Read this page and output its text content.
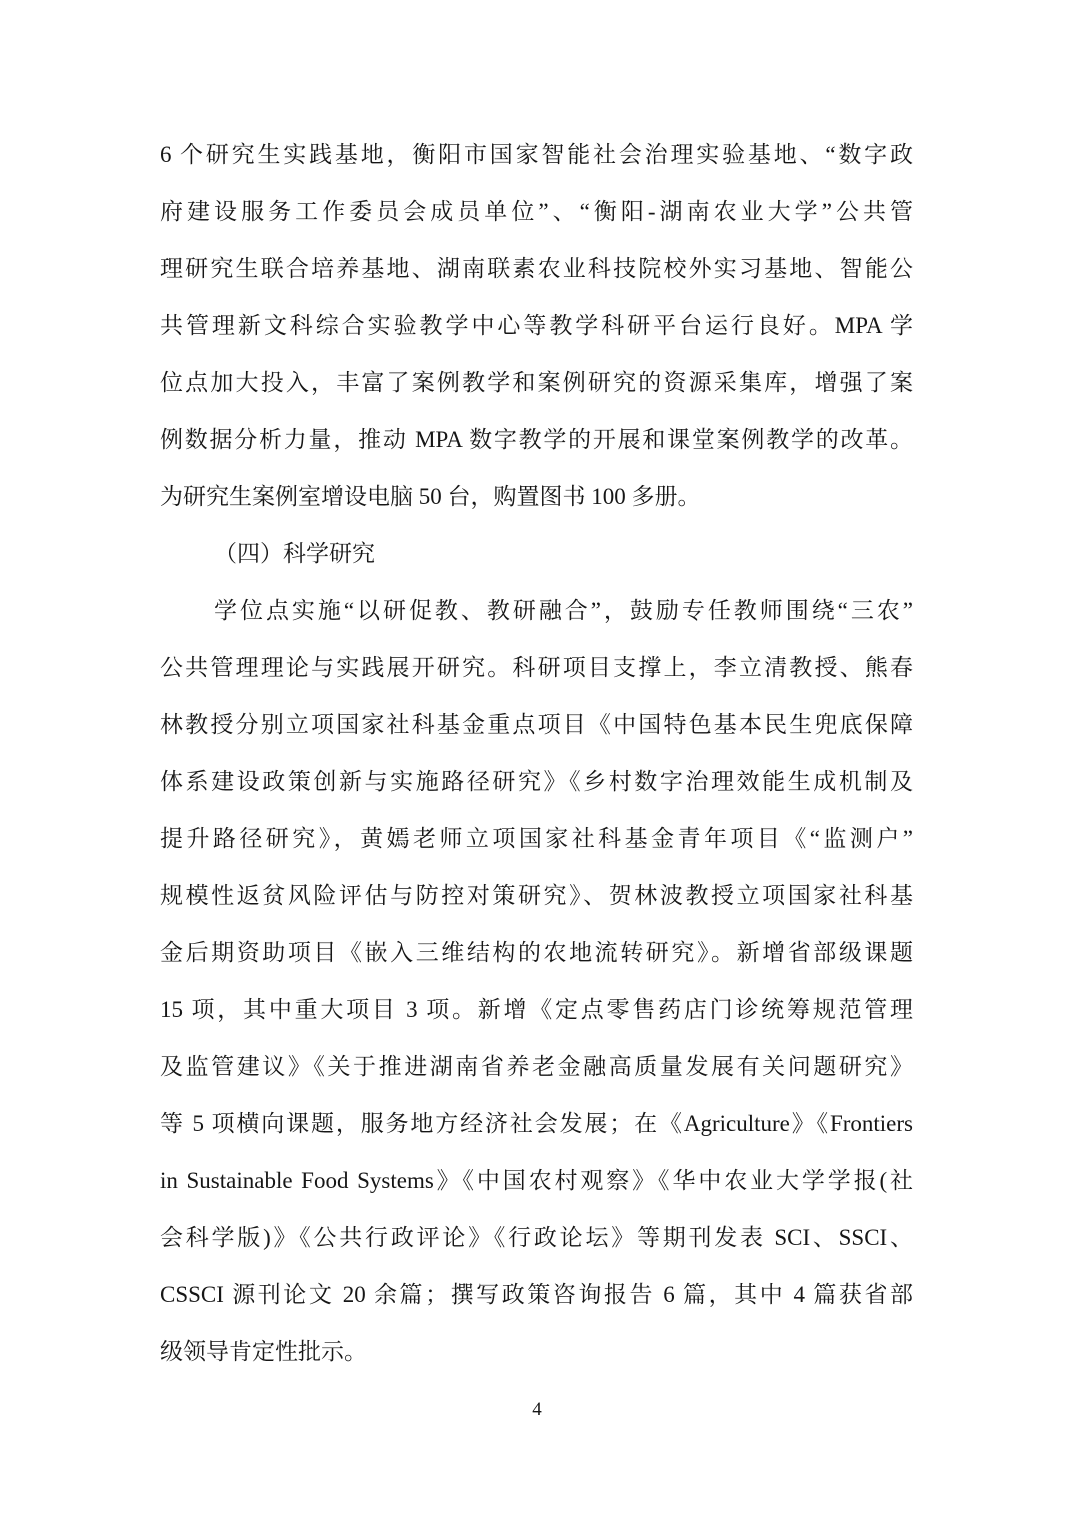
6 个研究生实践基地，衡阳市国家智能社会治理实验基地、“数字政
府建设服务工作委员会成员单位”、“衡阳-湖南农业大学”公共管
理研究生联合培养基地、湖南联素农业科技院校外实习基地、智能公
共管理新文科综合实验教学中心等教学科研平台运行良好。MPA 学
位点加大投入，丰富了案例教学和案例研究的资源采集库，增强了案
例数据分析力量，推动 MPA 数字教学的开展和课堂案例教学的改革。
为研究生案例室增设电脑 50 台，购置图书 100 多册。
（四）科学研究
学位点实施“以研促教、教研融合”，鼓励专任教师围绕“三农”
公共管理理论与实践展开研究。科研项目支撑上，李立清教授、熊春
林教授分别立项国家社科基金重点项目《中国特色基本民生兜底保障
体系建设政策创新与实施路径研究》《乡村数字治理效能生成机制及
提升路径研究》，黄嫣老师立项国家社科基金青年项目《“监测户”
规模性返贫风险评估与防控对策研究》、贺林波教授立项国家社科基
金后期资助项目《嵌入三维结构的农地流转研究》。新增省部级课题
15 项，其中重大项目 3 项。新增《定点零售药店门诊统筹规范管理
及监管建议》《关于推进湖南省养老金融高质量发展有关问题研究》
等 5 项横向课题，服务地方经济社会发展；在《Agriculture》《Frontiers
in Sustainable Food Systems》《中国农村观察》《华中农业大学学报(社
会科学版)》《公共行政评论》《行政论坛》等期刊发表 SCI、SSCI、
CSSCI 源刊论文 20 余篇；撰写政策咨询报告 6 篇，其中 4 篇获省部
级领导肯定性批示。
4
